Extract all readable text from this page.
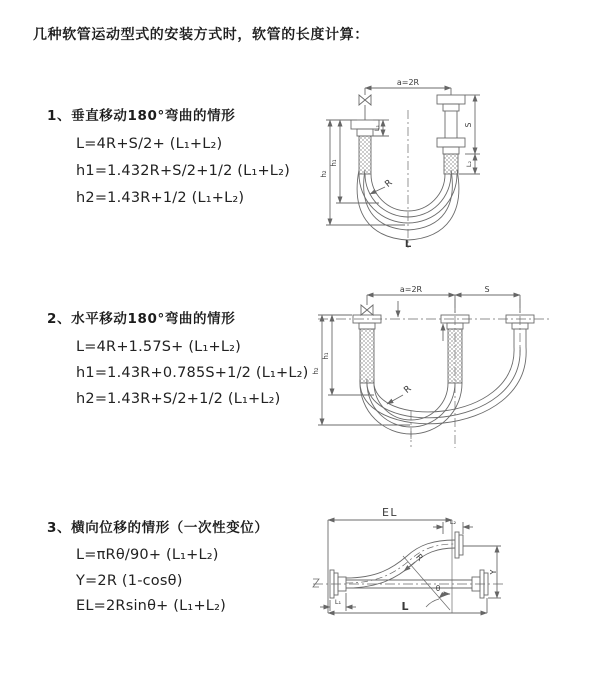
几种软管运动型式的安装方式时，软管的长度计算：

1、垂直移动180°弯曲的情形

L=4R+S/2+ (L₁+L₂)

h1=1.432R+S/2+1/2 (L₁+L₂)

h2=1.43R+1/2 (L₁+L₂)

2、水平移动180°弯曲的情形

L=4R+1.57S+ (L₁+L₂)

h1=1.43R+0.785S+1/2 (L₁+L₂)

h2=1.43R+S/2+1/2 (L₁+L₂)

3、横向位移的情形（一次性变位）

L=πRθ/90+ (L₁+L₂)

Y=2R (1-cosθ)

EL=2Rsinθ+ (L₁+L₂)

a=2R
h₂
h₁
L₁	S
L₂
R
L
a=2R	S
h₂
h₁
R
EL
L₂
Y
R
θ
L
L₁
